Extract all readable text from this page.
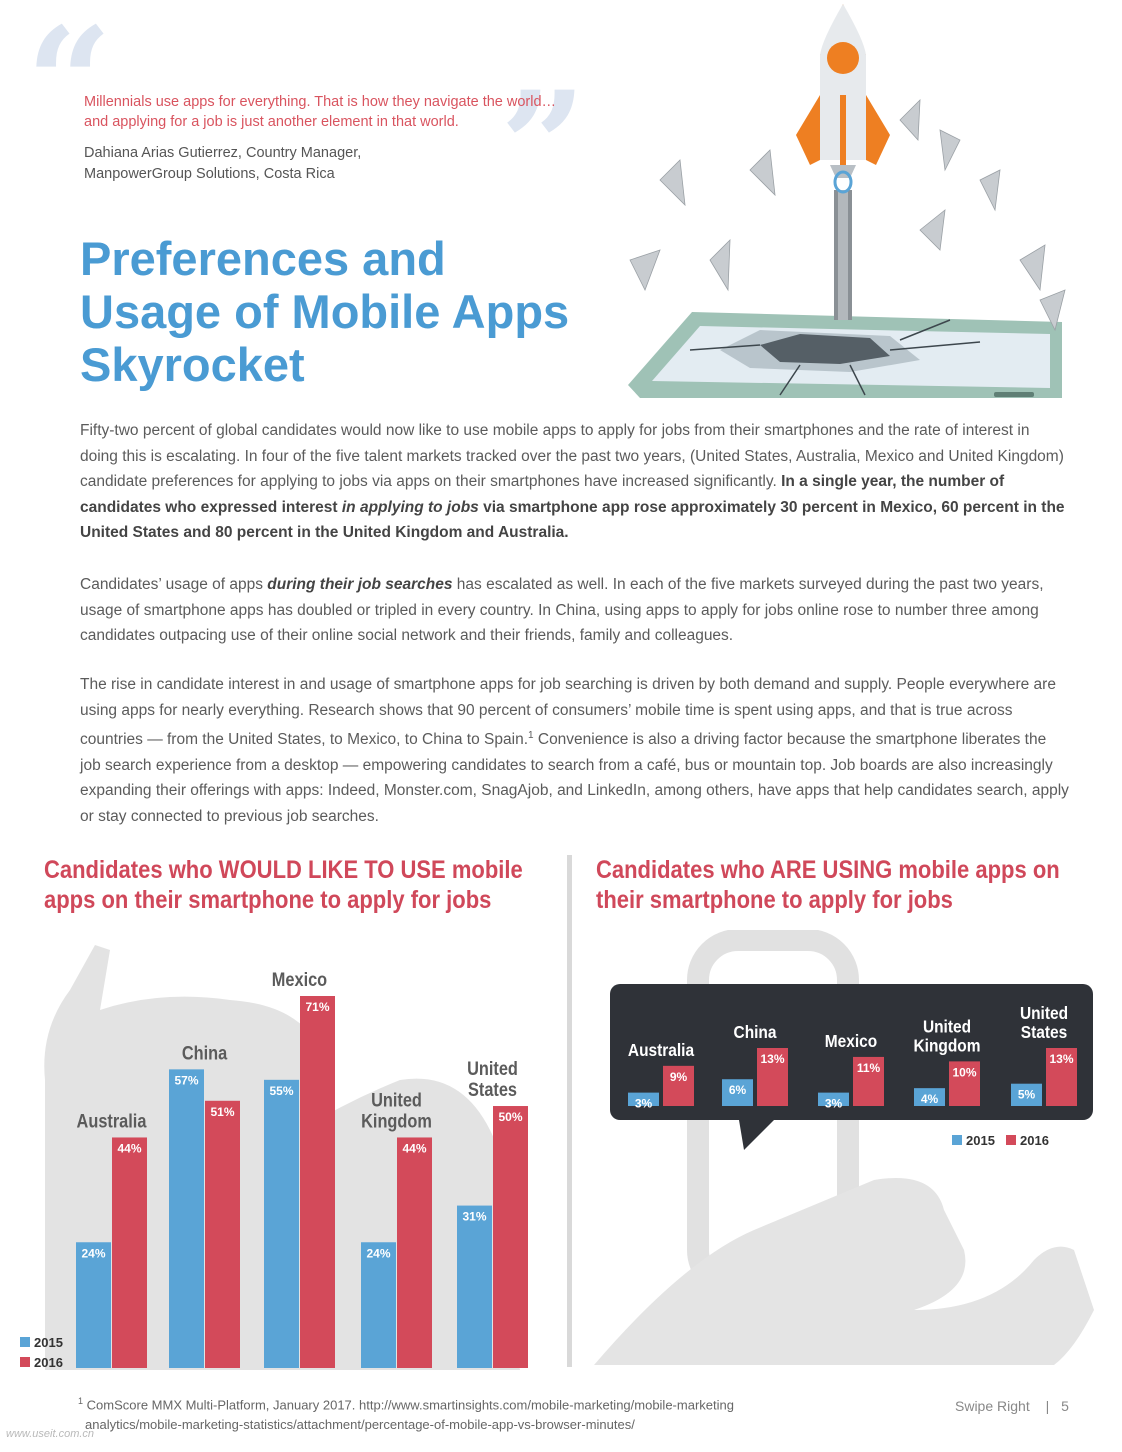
“	”
Millennials use apps for everything. That is how they navigate the world…and applying for a job is just another element in that world.
Dahiana Arias Gutierrez, Country Manager,
ManpowerGroup Solutions, Costa Rica
Preferences and
Usage of Mobile Apps
Skyrocket
Fifty-two percent of global candidates would now like to use mobile apps to apply for jobs from their smartphones and the rate of interest in doing this is escalating. In four of the five talent markets tracked over the past two years, (United States, Australia, Mexico and United Kingdom) candidate preferences for applying to jobs via apps on their smartphones have increased significantly. In a single year, the number of candidates who expressed interest in applying to jobs via smartphone app rose approximately 30 percent in Mexico, 60 percent in the United States and 80 percent in the United Kingdom and Australia.
Candidates’ usage of apps during their job searches has escalated as well. In each of the five markets surveyed during the past two years, usage of smartphone apps has doubled or tripled in every country. In China, using apps to apply for jobs online rose to number three among candidates outpacing use of their online social network and their friends, family and colleagues.
The rise in candidate interest in and usage of smartphone apps for job searching is driven by both demand and supply. People everywhere are using apps for nearly everything. Research shows that 90 percent of consumers’ mobile time is spent using apps, and that is true across countries — from the United States, to Mexico, to China to Spain.$^1$ Convenience is also a driving factor because the smartphone liberates the job search experience from a desktop — empowering candidates to search from a café, bus or mountain top. Job boards are also increasingly expanding their offerings with apps: Indeed, Monster.com, SnagAjob, and LinkedIn, among others, have apps that help candidates search, apply or stay connected to previous job searches.
Candidates who WOULD LIKE TO USE mobile apps on their smartphone to apply for jobs
Candidates who ARE USING mobile apps on their smartphone to apply for jobs
24%
44%
Australia
57%
51%
China
55%
71%
Mexico
24%
44%
United
Kingdom
31%
50%
United
States
2015
2016
3%
9%
Australia
6%
13%
China
3%
11%
Mexico
4%
10%
United
Kingdom
5%
13%
United
States
2015 2016
$^1$ ComScore MMX Multi-Platform, January 2017. http://www.smartinsights.com/mobile-marketing/mobile-marketing
analytics/mobile-marketing-statistics/attachment/percentage-of-mobile-app-vs-browser-minutes/
Swipe Right | 5
www.useit.com.cn
